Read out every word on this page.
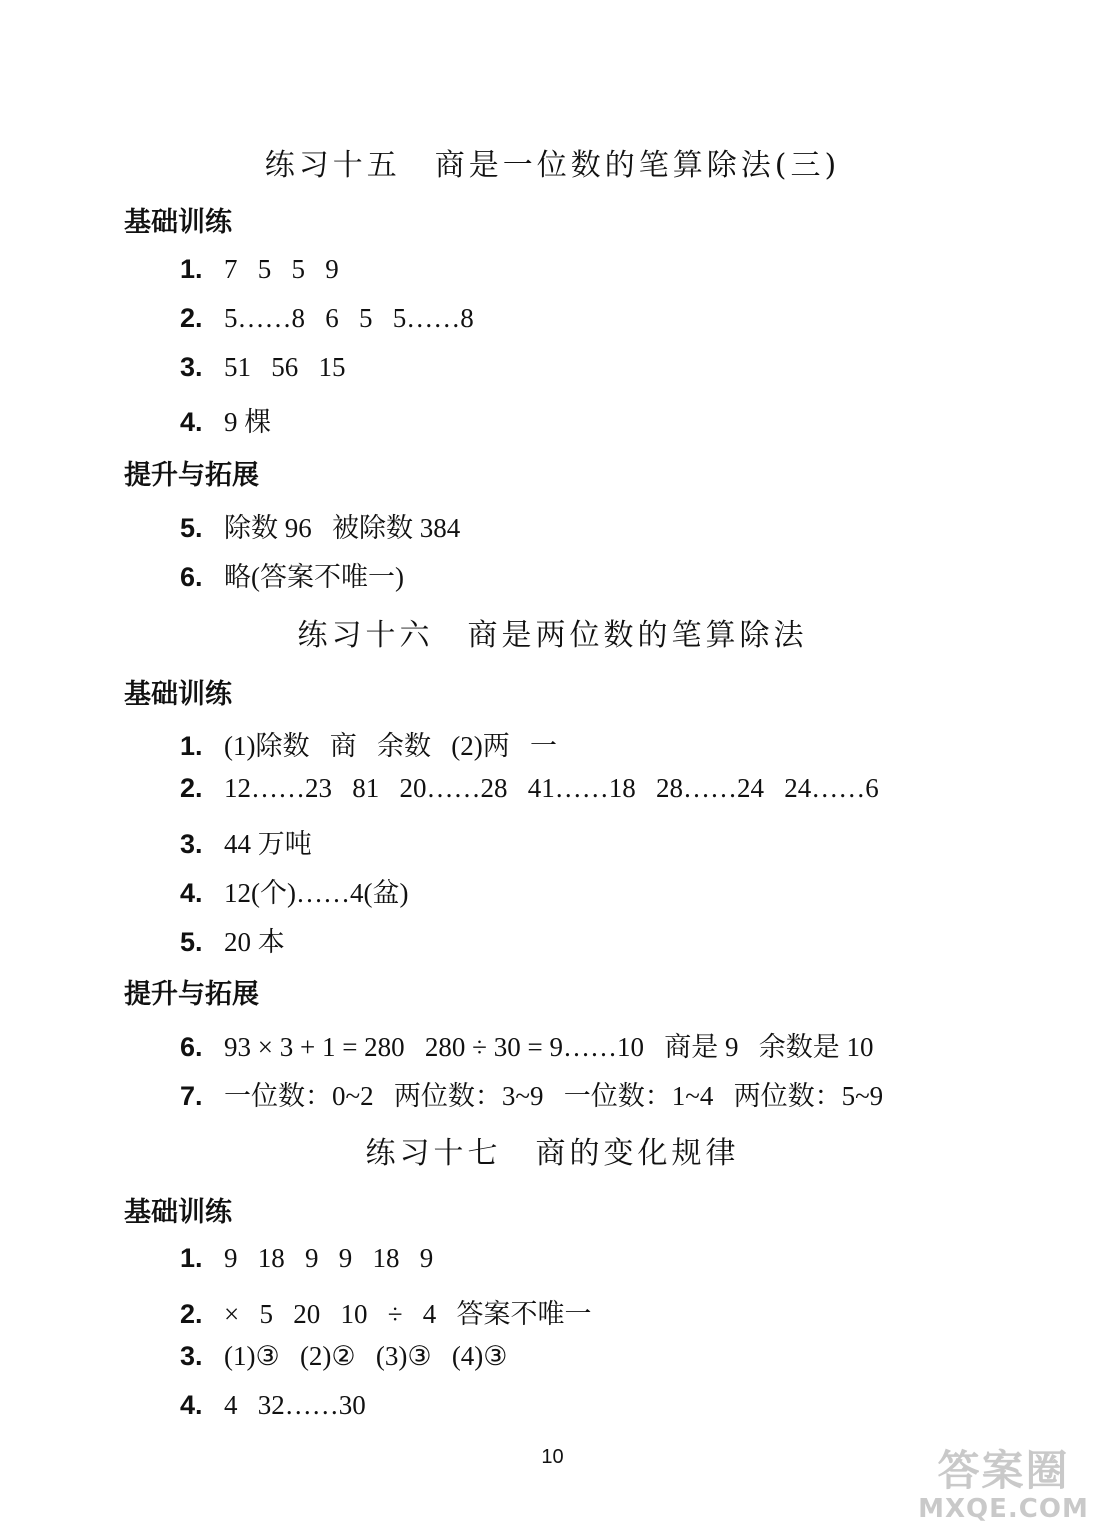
练习十五　商是一位数的笔算除法(三)
基础训练
1. 7   5   5   9
2. 5……8   6   5   5……8
3. 51   56   15
4. 9 棵
提升与拓展
5. 除数 96   被除数 384
6. 略(答案不唯一)
练习十六　商是两位数的笔算除法
基础训练
1. (1)除数   商   余数   (2)两   一
2. 12……23   81   20……28   41……18   28……24   24……6
3. 44 万吨
4. 12(个)……4(盆)
5. 20 本
提升与拓展
6. 93 × 3 + 1 = 280   280 ÷ 30 = 9……10   商是 9   余数是 10
7. 一位数：0~2   两位数：3~9   一位数：1~4   两位数：5~9
练习十七　商的变化规律
基础训练
1. 9   18   9   9   18   9
2. ×   5   20   10   ÷   4   答案不唯一
3. (1)③   (2)②   (3)③   (4)③
4. 4   32……30
10	答案圈
MXQE.COM
